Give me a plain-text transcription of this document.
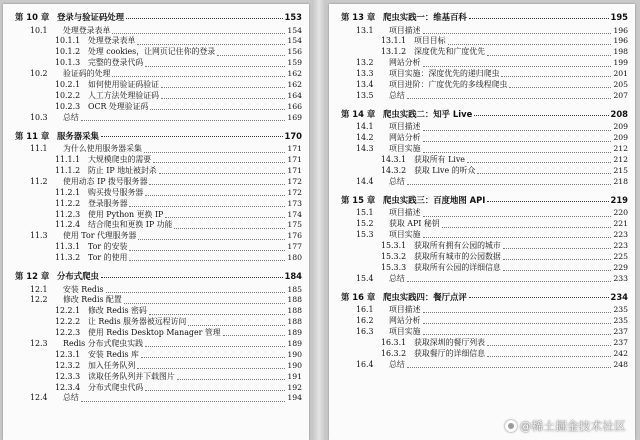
第 10 章 登录与验证码处理	153
10.1	处理登录表单	154
10.1.1 处理登录表单	154
10.1.2 处理 cookies，让网页记住你的登录	156
10.1.3 完整的登录代码	159
10.2	验证码的处理	162
10.2.1 如何使用验证码验证	162
10.2.2 人工方法处理验证码	164
10.2.3 OCR 处理验证码	166
10.3	总结	169
第 11 章 服务器采集	170
11.1	为什么使用服务器采集	171
11.1.1 大规模爬虫的需要	171
11.1.2 防止 IP 地址被封杀	171
11.2	使用动态 IP 拨号服务器	172
11.2.1 购买拨号服务器	172
11.2.2 登录服务器	173
11.2.3 使用 Python 更换 IP	174
11.2.4 结合爬虫和更换 IP 功能	175
11.3	使用 Tor 代理服务器	176
11.3.1 Tor 的安装	177
11.3.2 Tor 的使用	180
第 12 章 分布式爬虫	184
12.1	安装 Redis	185
12.2	修改 Redis 配置	188
12.2.1 修改 Redis 密码	188
12.2.2 让 Redis 服务器被远程访问	188
12.2.3 使用 Redis Desktop Manager 管理	189
12.3	Redis 分布式爬虫实践	189
12.3.1 安装 Redis 库	190
12.3.2 加入任务队列	190
12.3.3 读取任务队列并下载图片	191
12.3.4 分布式爬虫代码	192
12.4	总结	194
第 13 章 爬虫实践一：维基百科	195
13.1	项目描述	196
13.1.1 项目目标	196
13.1.2 深度优先和广度优先	198
13.2	网站分析	199
13.3	项目实施：深度优先的递归爬虫	201
13.4	项目进阶：广度优先的多线程爬虫	205
13.5	总结	207
第 14 章 爬虫实践二：知乎 Live	208
14.1	项目描述	209
14.2	网站分析	209
14.3	项目实施	212
14.3.1 获取所有 Live	212
14.3.2 获取 Live 的听众	215
14.4	总结	218
第 15 章 爬虫实践三：百度地图 API	219
15.1	项目描述	220
15.2	获取 API 秘钥	221
15.3	项目实施	223
15.3.1 获取所有拥有公园的城市	223
15.3.2 获取所有城市的公园数据	225
15.3.3 获取所有公园的详细信息	229
15.4	总结	233
第 16 章 爬虫实践四：餐厅点评	234
16.1	项目描述	235
16.2	网站分析	235
16.3	项目实施	237
16.3.1 获取深圳的餐厅列表	237
16.3.2 获取餐厅的详细信息	242
16.4	总结	248
@稀土掘金技术社区
